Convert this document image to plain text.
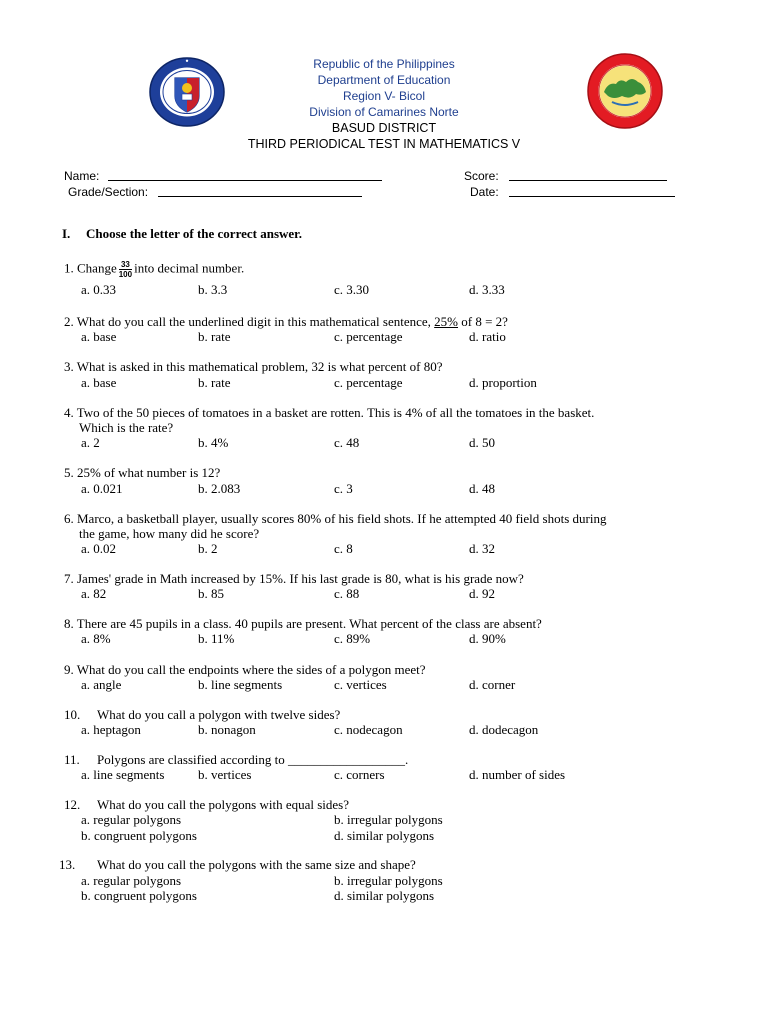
Republic of the Philippines
Department of Education
Region V- Bicol
Division of Camarines Norte
BASUD DISTRICT
THIRD PERIODICAL TEST IN MATHEMATICS V
Name:	Score:
Grade/Section:	Date:
I. Choose the letter of the correct answer.
1. Change $\frac{33}{100}$ into decimal number.
a. 0.33	b. 3.3	c. 3.30	d. 3.33
2. What do you call the underlined digit in this mathematical sentence, 25% of 8 = 2?
a. base	b. rate	c. percentage	d. ratio
3. What is asked in this mathematical problem, 32 is what percent of 80?
a. base	b. rate	c. percentage	d. proportion
4. Two of the 50 pieces of tomatoes in a basket are rotten. This is 4% of all the tomatoes in the basket.
Which is the rate?
a. 2	b. 4%	c. 48	d. 50
5. 25% of what number is 12?
a. 0.021	b. 2.083	c. 3	d. 48
6. Marco, a basketball player, usually scores 80% of his field shots. If he attempted 40 field shots during
the game, how many did he score?
a. 0.02	b. 2	c. 8	d. 32
7. James' grade in Math increased by 15%. If his last grade is 80, what is his grade now?
a. 82	b. 85	c. 88	d. 92
8. There are 45 pupils in a class. 40 pupils are present. What percent of the class are absent?
a. 8%	b. 11%	c. 89%	d. 90%
9. What do you call the endpoints where the sides of a polygon meet?
a. angle	b. line segments	c. vertices	d. corner
10. What do you call a polygon with twelve sides?
a. heptagon	b. nonagon	c. nodecagon	d. dodecagon
11. Polygons are classified according to __________________.
a. line segments	b. vertices	c. corners	d. number of sides
12. What do you call the polygons with equal sides?
a. regular polygons	b. irregular polygons
b. congruent polygons	d. similar polygons
13. What do you call the polygons with the same size and shape?
a. regular polygons	b. irregular polygons
b. congruent polygons	d. similar polygons
